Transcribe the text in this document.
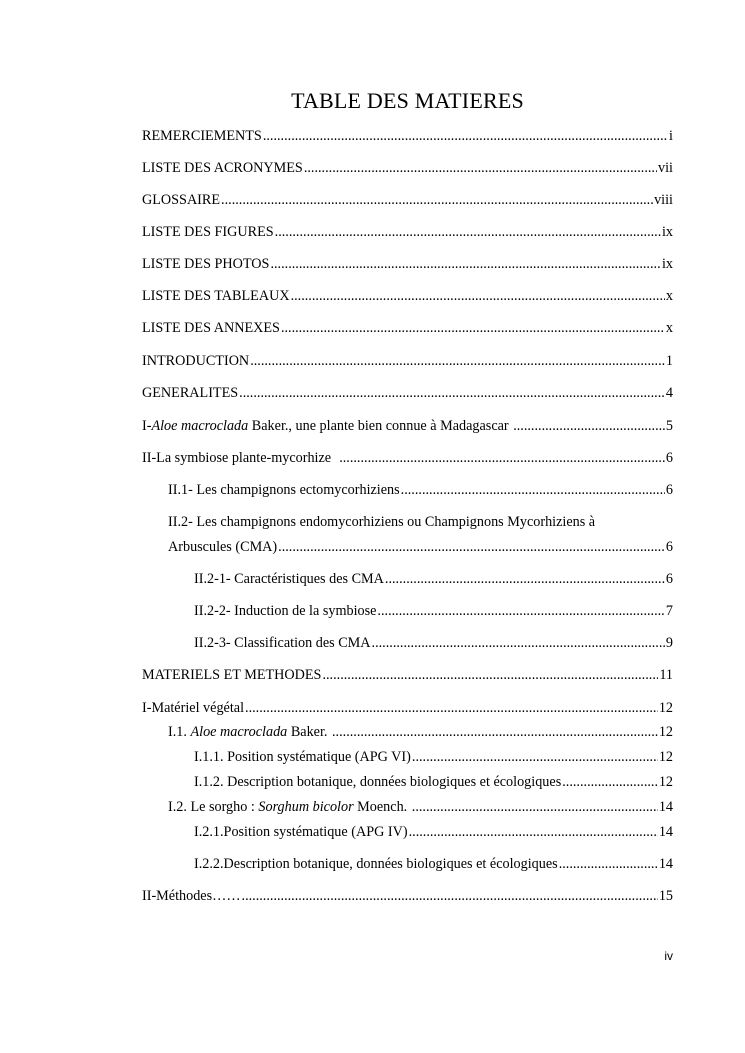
TABLE DES MATIERES
REMERCIEMENTS .....	i
LISTE DES ACRONYMES .....	vii
GLOSSAIRE .....	viii
LISTE DES FIGURES .....	ix
LISTE DES PHOTOS .....	ix
LISTE DES TABLEAUX .....	x
LISTE DES ANNEXES .....	x
INTRODUCTION .....	1
GENERALITES .....	4
I-Aloe macroclada Baker., une plante bien connue à Madagascar .....	5
II-La symbiose plante-mycorhize .....	6
II.1- Les champignons ectomycorhiziens .....	6
II.2- Les champignons endomycorhiziens ou Champignons Mycorhiziens à
Arbuscules (CMA) .....	6
II.2-1- Caractéristiques des CMA .....	6
II.2-2- Induction de la symbiose .....	7
II.2-3- Classification des CMA .....	9
MATERIELS ET METHODES .....	11
I-Matériel végétal .....	12
I.1. Aloe macroclada Baker. .....	12
I.1.1. Position systématique (APG VI) .....	12
I.1.2. Description botanique, données biologiques et écologiques .....	12
I.2. Le sorgho : Sorghum bicolor Moench. .....	14
I.2.1.Position systématique (APG IV) .....	14
I.2.2.Description botanique, données biologiques et écologiques .....	14
II-Méthodes…… .....	15
iv
